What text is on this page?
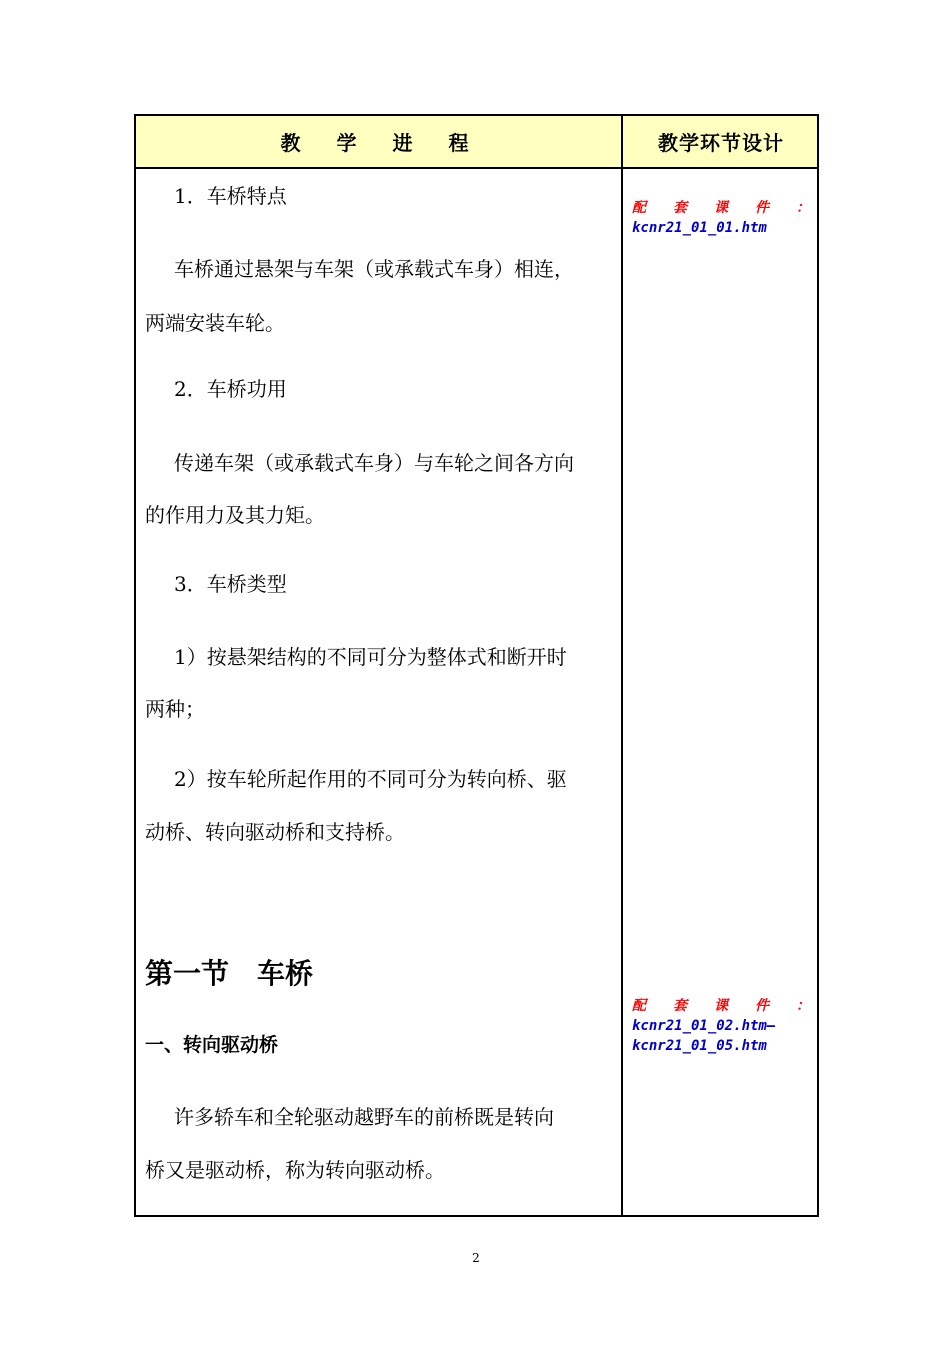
教 学 进 程	教学环节设计
1．车桥特点
车桥通过悬架与车架（或承载式车身）相连，
两端安装车轮。
2．车桥功用
传递车架（或承载式车身）与车轮之间各方向
的作用力及其力矩。
3．车桥类型
1）按悬架结构的不同可分为整体式和断开时
两种；
2）按车轮所起作用的不同可分为转向桥、驱
动桥、转向驱动桥和支持桥。
第一节　车桥
一、转向驱动桥
许多轿车和全轮驱动越野车的前桥既是转向
桥又是驱动桥，称为转向驱动桥。
配 套 课 件 ：
kcnr21_01_01.htm
配 套 课 件 ：
kcnr21_01_02.htm—
kcnr21_01_05.htm
2
